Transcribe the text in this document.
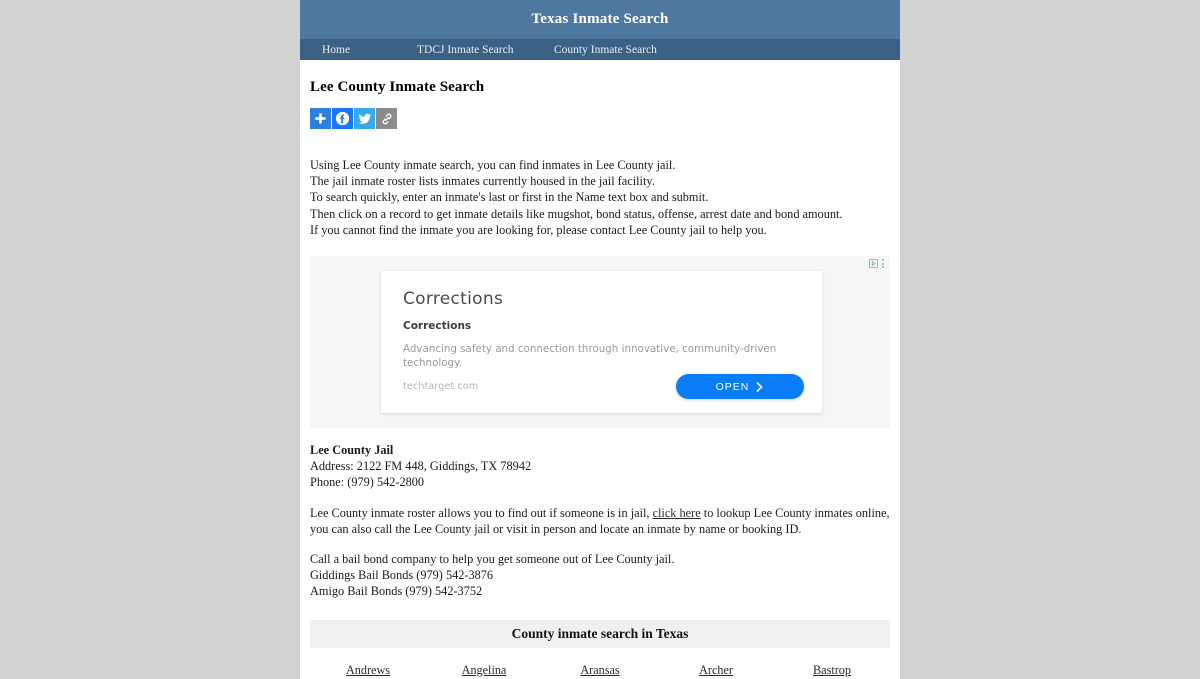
Texas Inmate Search
Home	TDCJ Inmate Search	County Inmate Search
Lee County Inmate Search
Using Lee County inmate search, you can find inmates in Lee County jail.
The jail inmate roster lists inmates currently housed in the jail facility.
To search quickly, enter an inmate's last or first in the Name text box and submit.
Then click on a record to get inmate details like mugshot, bond status, offense, arrest date and bond amount.
If you cannot find the inmate you are looking for, please contact Lee County jail to help you.
Corrections
Corrections
Advancing safety and connection through innovative, community-driven technology.
techtarget.com	OPEN
Lee County Jail
Address: 2122 FM 448, Giddings, TX 78942
Phone: (979) 542-2800

Lee County inmate roster allows you to find out if someone is in jail, click here to lookup Lee County inmates online, you can also call the Lee County jail or visit in person and locate an inmate by name or booking ID.

Call a bail bond company to help you get someone out of Lee County jail.
Giddings Bail Bonds (979) 542-3876
Amigo Bail Bonds (979) 542-3752
County inmate search in Texas
Andrews	Angelina	Aransas	Archer	Bastrop
